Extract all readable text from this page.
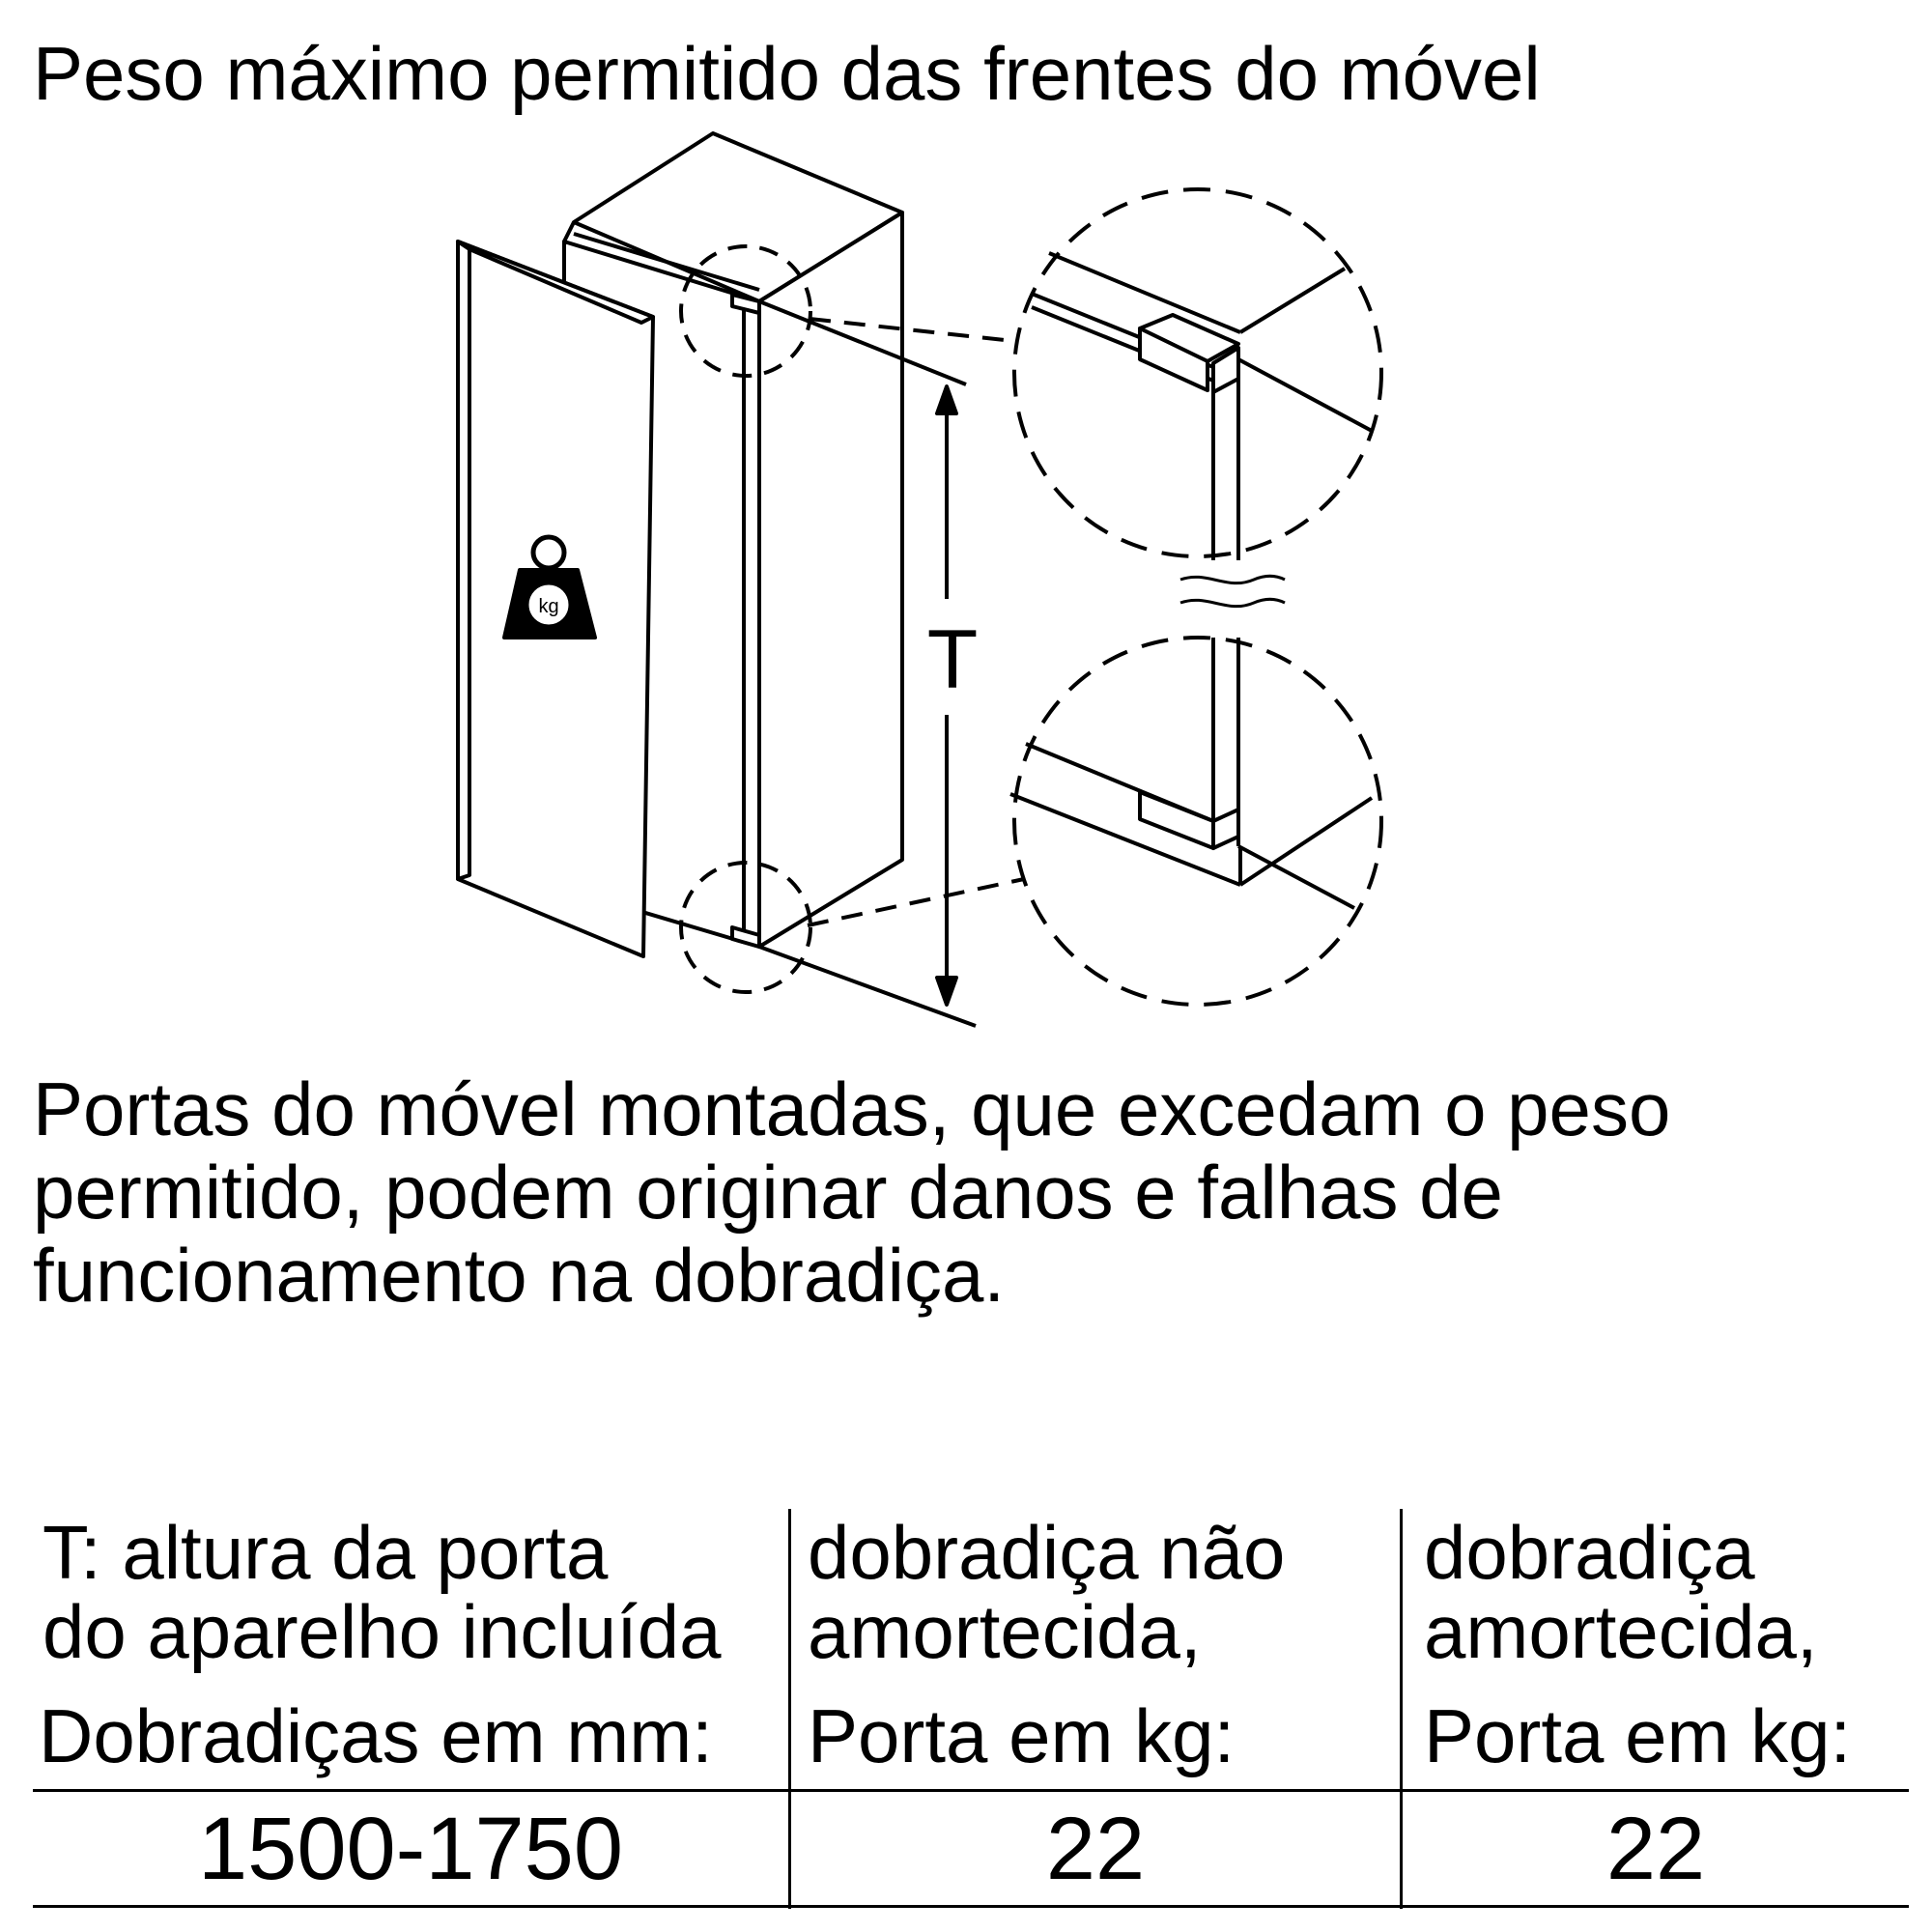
Peso máximo permitido das frentes do móvel
kg
T
Portas do móvel montadas, que excedam o peso
permitido, podem originar danos e falhas de
funcionamento na dobradiça.
T: altura da porta
do aparelho incluída
Dobradiças em mm:
dobradiça não
amortecida,
Porta em kg:
dobradiça
amortecida,
Porta em kg:
1500-1750	22	22
